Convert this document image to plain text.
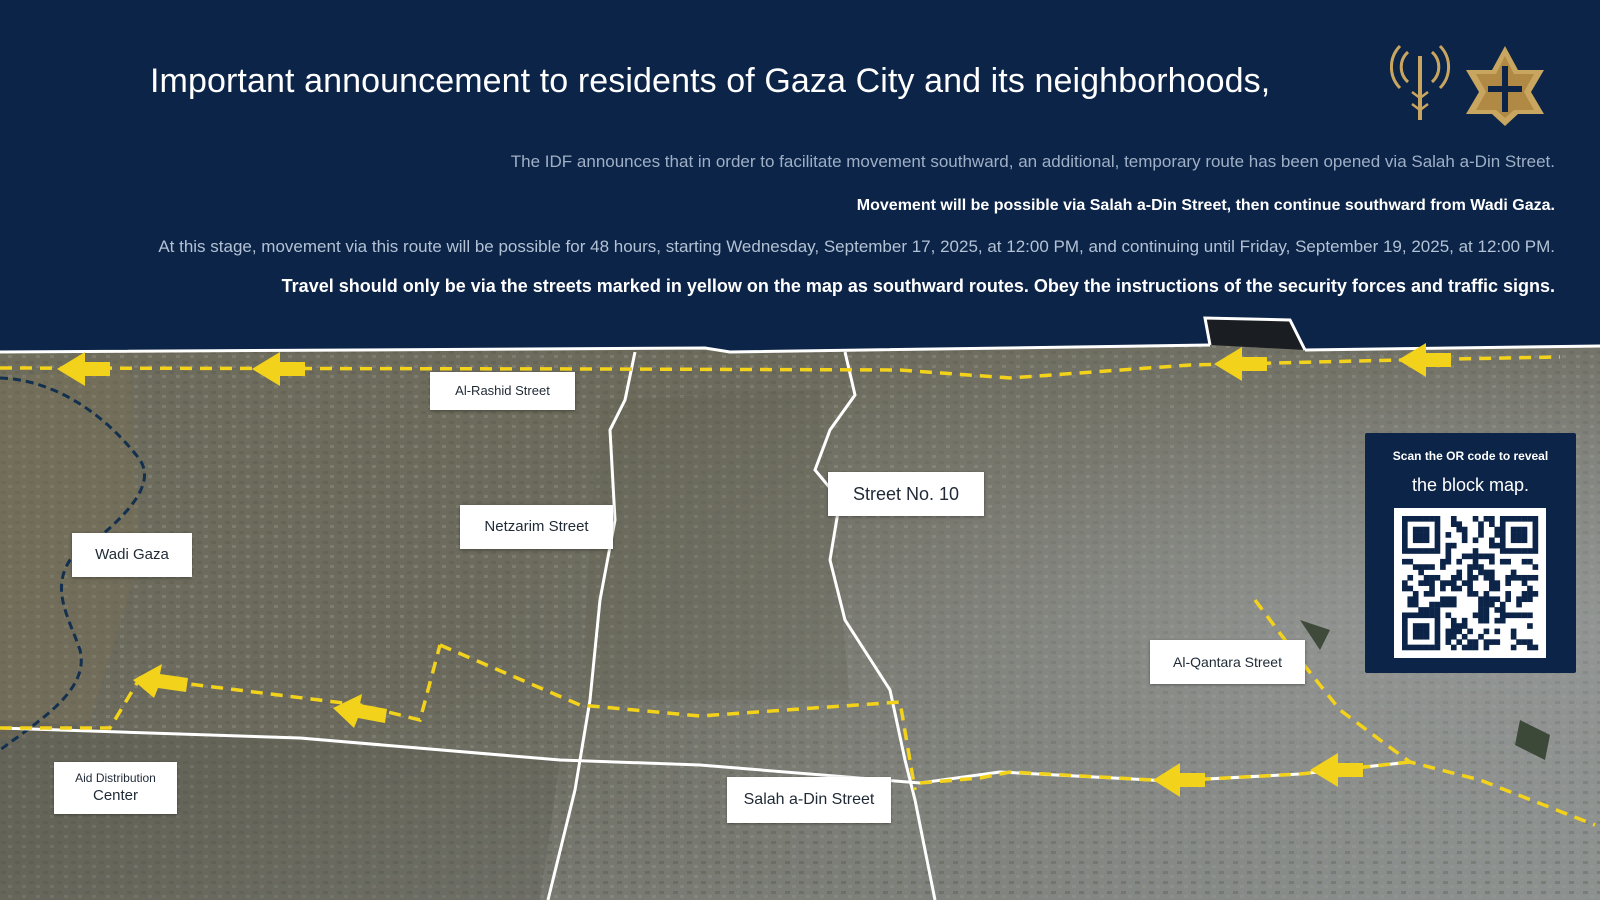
Important announcement to residents of Gaza City and its neighborhoods,
The IDF announces that in order to facilitate movement southward, an additional, temporary route has been opened via Salah a-Din Street.
Movement will be possible via Salah a-Din Street, then continue southward from Wadi Gaza.
At this stage, movement via this route will be possible for 48 hours, starting Wednesday, September 17, 2025, at 12:00 PM, and continuing until Friday, September 19, 2025, at 12:00 PM.
Travel should only be via the streets marked in yellow on the map as southward routes. Obey the instructions of the security forces and traffic signs.
Al-Rashid Street
Netzarim Street
Street No. 10
Wadi Gaza
Al-Qantara Street
Salah a-Din Street
Aid Distribution
Center
Scan the OR code to reveal
the block map.
